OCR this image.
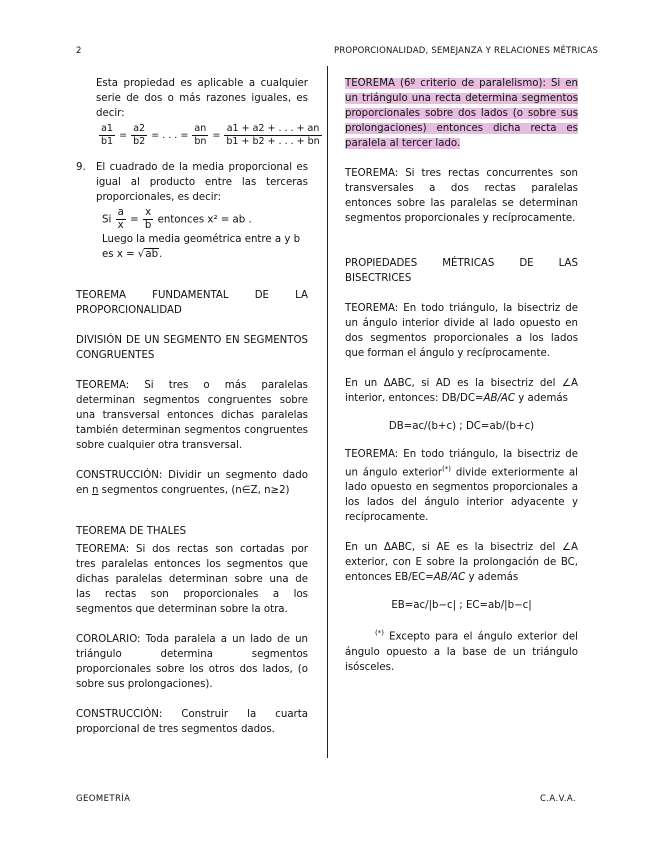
2	PROPORCIONALIDAD, SEMEJANZA Y RELACIONES MÉTRICAS

Esta propiedad es aplicable a cualquier serie de dos o más razones iguales, es decir:

$\frac{a1}{b1} = \frac{a2}{b2}$ = . . . = $\frac{an}{bn} = \frac{a1 + a2 + . . . + an}{b1 + b2 + . . . + bn}$
9.	El cuadrado de la media proporcional es igual al producto entre las terceras proporcionales, es decir:

Si $\frac{a}{x} = \frac{x}{b}$ entonces x² = ab .

Luego la media geométrica entre a y b

es x = √ab.

TEOREMA FUNDAMENTAL DE LA PROPORCIONALIDAD

DIVISIÓN DE UN SEGMENTO EN SEGMENTOS CONGRUENTES

TEOREMA: Si tres o más paralelas determinan segmentos congruentes sobre una transversal entonces dichas paralelas también determinan segmentos congruentes sobre cualquier otra transversal.

CONSTRUCCIÓN: Dividir un segmento dado en n segmentos congruentes, (n∈Z, n≥2)

TEOREMA DE THALES

TEOREMA: Si dos rectas son cortadas por tres paralelas entonces los segmentos que dichas paralelas determinan sobre una de las rectas son proporcionales a los segmentos que determinan sobre la otra.

COROLARIO: Toda paralela a un lado de un triángulo determina segmentos proporcionales sobre los otros dos lados, (o sobre sus prolongaciones).

CONSTRUCCIÓN: Construir la cuarta proporcional de tres segmentos dados.

TEOREMA (6º criterio de paralelismo): Si en un triángulo una recta determina segmentos proporcionales sobre dos lados (o sobre sus prolongaciones) entonces dicha recta es paralela al tercer lado.

TEOREMA: Si tres rectas concurrentes son transversales a dos rectas paralelas entonces sobre las paralelas se determinan segmentos proporcionales y recíprocamente.

PROPIEDADES MÉTRICAS DE LAS BISECTRICES

TEOREMA: En todo triángulo, la bisectriz de un ángulo interior divide al lado opuesto en dos segmentos proporcionales a los lados que forman el ángulo y recíprocamente.

En un ΔABC, si AD es la bisectriz del ∠A interior, entonces: DB/DC=AB/AC y además

DB=ac/(b+c) ; DC=ab/(b+c)

TEOREMA: En todo triángulo, la bisectriz de un ángulo exterior(*) divide exteriormente al lado opuesto en segmentos proporcionales a los lados del ángulo interior adyacente y recíprocamente.

En un ΔABC, si AE es la bisectriz del ∠A exterior, con E sobre la prolongación de BC, entonces EB/EC=AB/AC y además

EB=ac/|b−c| ; EC=ab/|b−c|

(*) Excepto para el ángulo exterior del ángulo opuesto a la base de un triángulo isósceles.

GEOMETRÍA	C.A.V.A.
